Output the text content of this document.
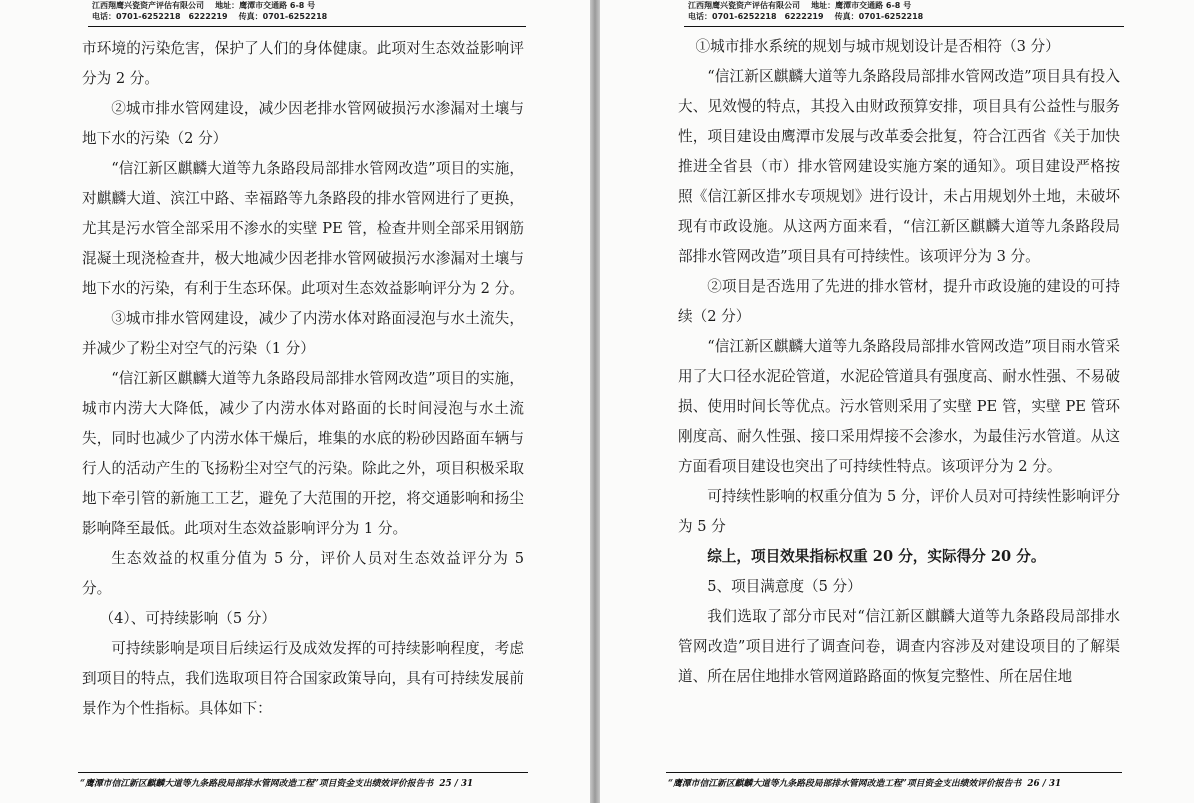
江西翔鹰兴瓷资产评估有限公司 地址：鹰潭市交通路 6-8 号
电话：0701-6252218　6222219 传真：0701-6252218

市环境的污染危害，保护了人们的身体健康。此项对生态效益影响评分为 2 分。

②城市排水管网建设，减少因老排水管网破损污水渗漏对土壤与地下水的污染（2 分）

“信江新区麒麟大道等九条路段局部排水管网改造”项目的实施，对麒麟大道、滨江中路、幸福路等九条路段的排水管网进行了更换，尤其是污水管全部采用不渗水的实壁 PE 管，检查井则全部采用钢筋混凝土现浇检查井，极大地减少因老排水管网破损污水渗漏对土壤与地下水的污染，有利于生态环保。此项对生态效益影响评分为 2 分。

③城市排水管网建设，减少了内涝水体对路面浸泡与水土流失，并减少了粉尘对空气的污染（1 分）

“信江新区麒麟大道等九条路段局部排水管网改造”项目的实施，城市内涝大大降低，减少了内涝水体对路面的长时间浸泡与水土流失，同时也减少了内涝水体干燥后，堆集的水底的粉砂因路面车辆与行人的活动产生的飞扬粉尘对空气的污染。除此之外，项目积极采取地下牵引管的新施工工艺，避免了大范围的开挖，将交通影响和扬尘影响降至最低。此项对生态效益影响评分为 1 分。

生态效益的权重分值为 5 分，评价人员对生态效益评分为 5 分。

（4）、可持续影响（5 分）

可持续影响是项目后续运行及成效发挥的可持续影响程度，考虑到项目的特点，我们选取项目符合国家政策导向，具有可持续发展前景作为个性指标。具体如下：

“鹰潭市信江新区麒麟大道等九条路段局部排水管网改造工程”项目资金支出绩效评价报告书 25 / 31
江西翔鹰兴瓷资产评估有限公司 地址：鹰潭市交通路 6-8 号
电话：0701-6252218　6222219 传真：0701-6252218

①城市排水系统的规划与城市规划设计是否相符（3 分）

“信江新区麒麟大道等九条路段局部排水管网改造”项目具有投入大、见效慢的特点，其投入由财政预算安排，项目具有公益性与服务性，项目建设由鹰潭市发展与改革委会批复，符合江西省《关于加快推进全省县（市）排水管网建设实施方案的通知》。项目建设严格按照《信江新区排水专项规划》进行设计，未占用规划外土地，未破坏现有市政设施。从这两方面来看，“信江新区麒麟大道等九条路段局部排水管网改造”项目具有可持续性。该项评分为 3 分。

②项目是否选用了先进的排水管材，提升市政设施的建设的可持续（2 分）

“信江新区麒麟大道等九条路段局部排水管网改造”项目雨水管采用了大口径水泥砼管道，水泥砼管道具有强度高、耐水性强、不易破损、使用时间长等优点。污水管则采用了实壁 PE 管，实壁 PE 管环刚度高、耐久性强、接口采用焊接不会渗水，为最佳污水管道。从这方面看项目建设也突出了可持续性特点。该项评分为 2 分。

可持续性影响的权重分值为 5 分，评价人员对可持续性影响评分为 5 分

综上，项目效果指标权重 20 分，实际得分 20 分。

5、项目满意度（5 分）

我们选取了部分市民对“信江新区麒麟大道等九条路段局部排水管网改造”项目进行了调查问卷，调查内容涉及对建设项目的了解渠道、所在居住地排水管网道路路面的恢复完整性、所在居住地

“鹰潭市信江新区麒麟大道等九条路段局部排水管网改造工程”项目资金支出绩效评价报告书 26 / 31
